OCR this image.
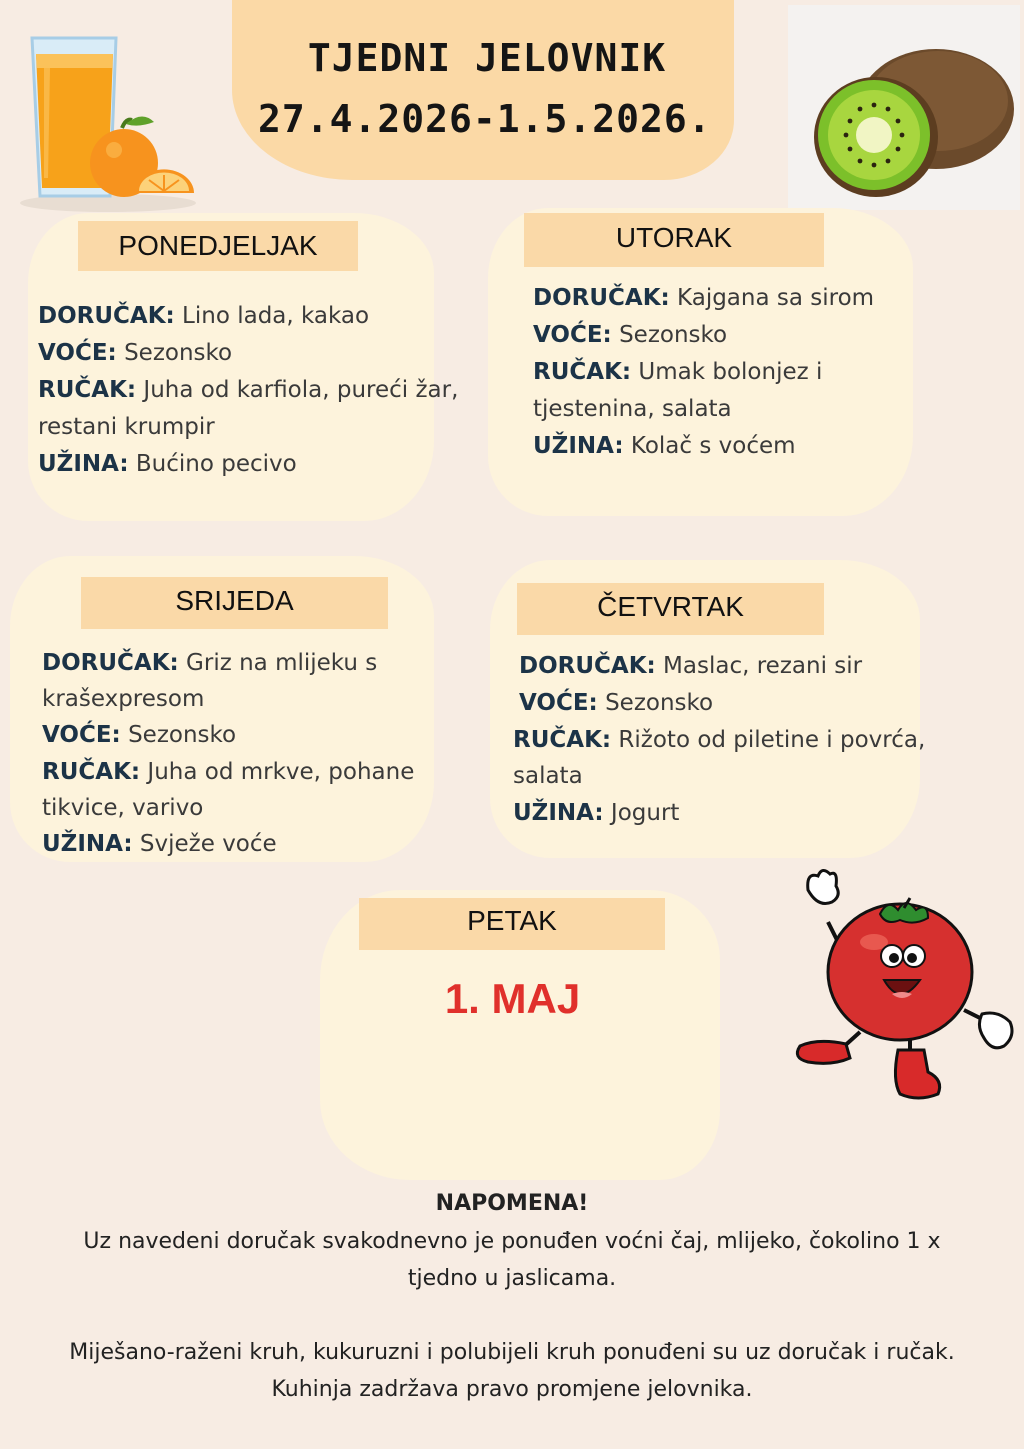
TJEDNI JELOVNIK
27.4.2026-1.5.2026.
PONEDJELJAK
DORUČAK: Lino lada, kakao
VOĆE: Sezonsko
RUČAK: Juha od karfiola, pureći žar,
restani krumpir
UŽINA: Bućino pecivo
UTORAK
DORUČAK: Kajgana sa sirom
VOĆE: Sezonsko
RUČAK: Umak bolonjez i
tjestenina, salata
UŽINA: Kolač s voćem
SRIJEDA
DORUČAK: Griz na mlijeku s
krašexpresom
VOĆE: Sezonsko
RUČAK: Juha od mrkve, pohane
tikvice, varivo
UŽINA: Svježe voće
ČETVRTAK
DORUČAK: Maslac, rezani sir
VOĆE: Sezonsko
RUČAK: Rižoto od piletine i povrća,
salata
UŽINA: Jogurt
PETAK
1. MAJ
NAPOMENA!
Uz navedeni doručak svakodnevno je ponuđen voćni čaj, mlijeko, čokolino 1 x
tjedno u jaslicama.
Miješano-raženi kruh, kukuruzni i polubijeli kruh ponuđeni su uz doručak i ručak.
Kuhinja zadržava pravo promjene jelovnika.
